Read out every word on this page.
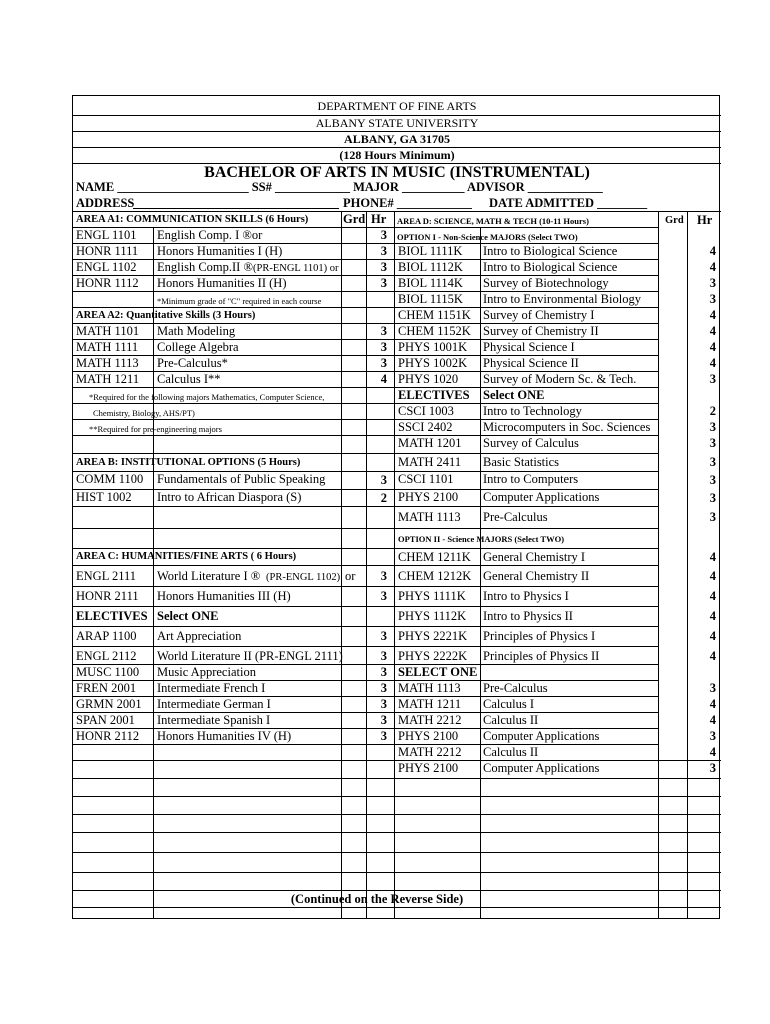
DEPARTMENT OF FINE ARTS
ALBANY STATE UNIVERSITY
ALBANY, GA 31705
(128 Hours Minimum)
BACHELOR OF ARTS IN MUSIC (INSTRUMENTAL)
NAME _____________________ SS# ____________ MAJOR __________ ADVISOR ____________
ADDRESS	PHONE# ____________ DATE ADMITTED ________
AREA A1: COMMUNICATION SKILLS (6 Hours)	Grd Hr
ENGL 1101 English Comp. I ®or	3
HONR 1111 Honors Humanities I (H)	3
ENGL 1102 English Comp.II ® (PR-ENGL 1101) or	3
HONR 1112 Honors Humanities II (H)	3
*Minimum grade of "C" required in each course
AREA A2: Quantitative Skills (3 Hours)
MATH 1101 Math Modeling	3
MATH 1111 College Algebra	3
MATH 1113 Pre-Calculus*	3
MATH 1211 Calculus I**	4
*Required for the following majors Mathematics, Computer Science,
Chemistry, Biology, AHS/PT)
**Required for pre-engineering majors
AREA B: INSTITUTIONAL OPTIONS (5 Hours)
COMM 1100 Fundamentals of Public Speaking	3
HIST 1002 Intro to African Diaspora (S)	2
AREA C: HUMANITIES/FINE ARTS ( 6 Hours)
ENGL 2111 World Literature I ® (PR-ENGL 1102) or	3
HONR 2111 Honors Humanities III (H)	3
ELECTIVES Select ONE
ARAP 1100 Art Appreciation	3
ENGL 2112 World Literature II (PR-ENGL 2111)	3
MUSC 1100 Music Appreciation	3
FREN 2001 Intermediate French I	3
GRMN 2001 Intermediate German I	3
SPAN 2001 Intermediate Spanish I	3
HONR 2112 Honors Humanities IV (H)	3
(Continued on the Reverse Side)
AREA D: SCIENCE, MATH & TECH (10-11 Hours)	Grd Hr
OPTION I - Non-Science MAJORS (Select TWO)
BIOL 1111K Intro to Biological Science	4
BIOL 1112K Intro to Biological Science	4
BIOL 1114K Survey of Biotechnology	3
BIOL 1115K Intro to Environmental Biology	3
CHEM 1151K Survey of Chemistry I	4
CHEM 1152K Survey of Chemistry II	4
PHYS 1001K Physical Science I	4
PHYS 1002K Physical Science II	4
PHYS 1020 Survey of Modern Sc. & Tech.	3
ELECTIVES Select ONE
CSCI 1003 Intro to Technology	2
SSCI 2402 Microcomputers in Soc. Sciences	3
MATH 1201 Survey of Calculus	3
MATH 2411 Basic Statistics	3
CSCI 1101 Intro to Computers	3
PHYS 2100 Computer Applications	3
MATH 1113 Pre-Calculus	3
OPTION II - Science MAJORS (Select TWO)
CHEM 1211K General Chemistry I	4
CHEM 1212K General Chemistry II	4
PHYS 1111K Intro to Physics I	4
PHYS 1112K Intro to Physics II	4
PHYS 2221K Principles of Physics I	4
PHYS 2222K Principles of Physics II	4
SELECT ONE
MATH 1113 Pre-Calculus	3
MATH 1211 Calculus I	4
MATH 2212 Calculus II	4
PHYS 2100 Computer Applications	3
MATH 2212 Calculus II	4
PHYS 2100 Computer Applications	3
